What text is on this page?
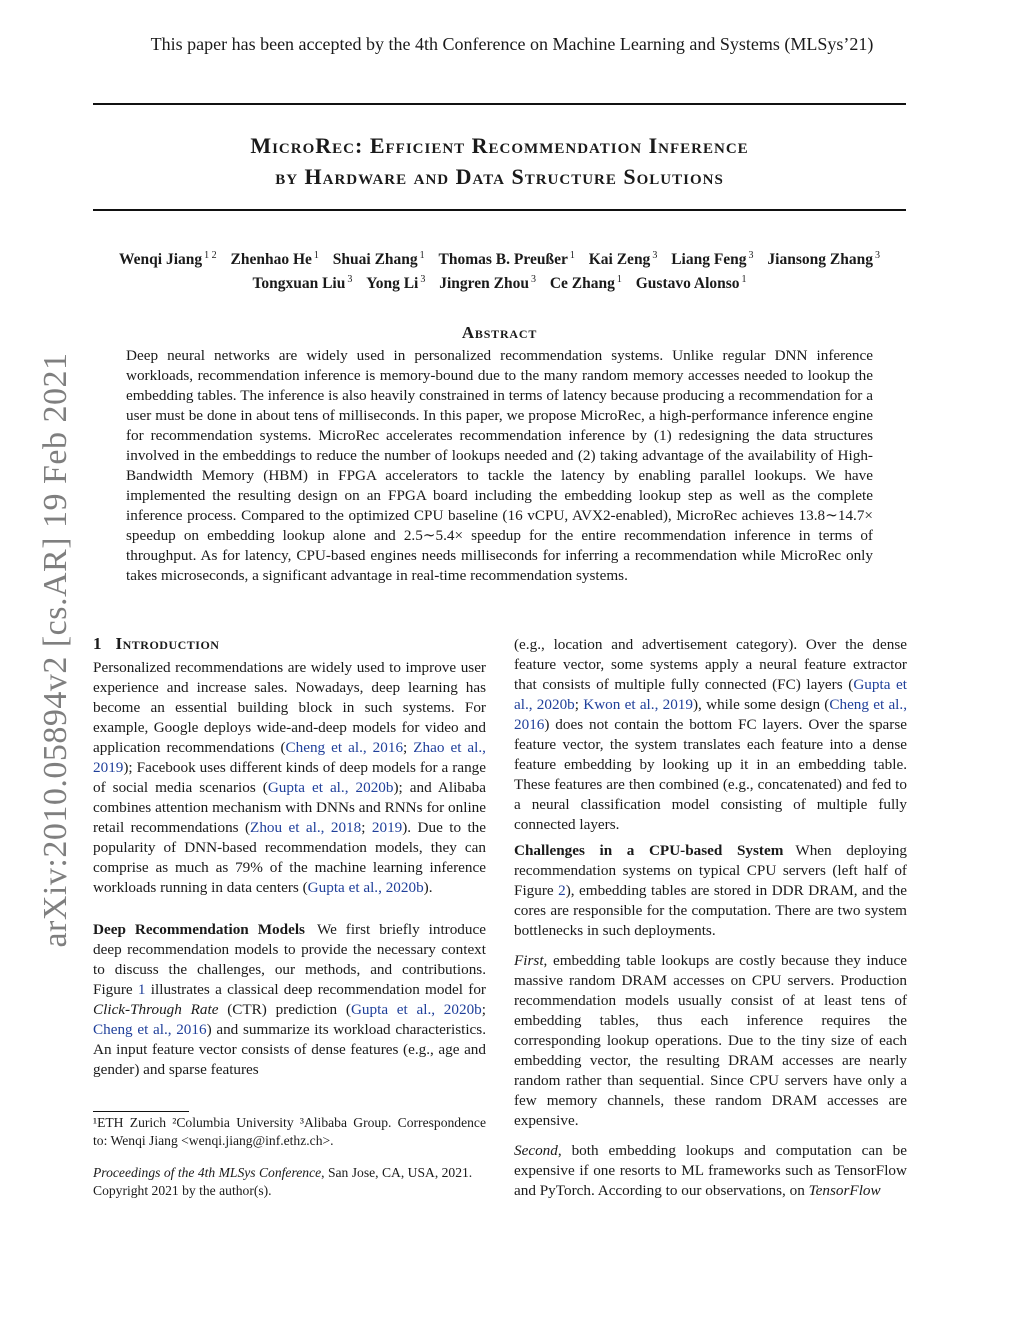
This paper has been accepted by the 4th Conference on Machine Learning and Systems (MLSys’21)
MicroRec: Efficient Recommendation Inference
by Hardware and Data Structure Solutions
Wenqi Jiang $^{1 2}$ Zhenhao He $^1$ Shuai Zhang $^1$ Thomas B. Preußer $^1$ Kai Zeng $^3$ Liang Feng $^3$ Jiansong Zhang $^3$
Tongxuan Liu $^3$ Yong Li $^3$ Jingren Zhou $^3$ Ce Zhang $^1$ Gustavo Alonso $^1$
Abstract
Deep neural networks are widely used in personalized recommendation systems. Unlike regular DNN inference workloads, recommendation inference is memory-bound due to the many random memory accesses needed to lookup the embedding tables. The inference is also heavily constrained in terms of latency because producing a recommendation for a user must be done in about tens of milliseconds. In this paper, we propose MicroRec, a high-performance inference engine for recommendation systems. MicroRec accelerates recommendation inference by (1) redesigning the data structures involved in the embeddings to reduce the number of lookups needed and (2) taking advantage of the availability of High-Bandwidth Memory (HBM) in FPGA accelerators to tackle the latency by enabling parallel lookups. We have implemented the resulting design on an FPGA board including the embedding lookup step as well as the complete inference process. Compared to the optimized CPU baseline (16 vCPU, AVX2-enabled), MicroRec achieves 13.8∼14.7× speedup on embedding lookup alone and 2.5∼5.4× speedup for the entire recommendation inference in terms of throughput. As for latency, CPU-based engines needs milliseconds for inferring a recommendation while MicroRec only takes microseconds, a significant advantage in real-time recommendation systems.
1 Introduction

Personalized recommendations are widely used to improve user experience and increase sales. Nowadays, deep learning has become an essential building block in such systems. For example, Google deploys wide-and-deep models for video and application recommendations (Cheng et al., 2016; Zhao et al., 2019); Facebook uses different kinds of deep models for a range of social media scenarios (Gupta et al., 2020b); and Alibaba combines attention mechanism with DNNs and RNNs for online retail recommendations (Zhou et al., 2018; 2019). Due to the popularity of DNN-based recommendation models, they can comprise as much as 79% of the machine learning inference workloads running in data centers (Gupta et al., 2020b).

Deep Recommendation Models We first briefly introduce deep recommendation models to provide the necessary context to discuss the challenges, our methods, and contributions. Figure 1 illustrates a classical deep recommendation model for Click-Through Rate (CTR) prediction (Gupta et al., 2020b; Cheng et al., 2016) and summarize its workload characteristics. An input feature vector consists of dense features (e.g., age and gender) and sparse features

¹ETH Zurich ²Columbia University ³Alibaba Group. Correspondence to: Wenqi Jiang <wenqi.jiang@inf.ethz.ch>.
Proceedings of the 4th MLSys Conference, San Jose, CA, USA, 2021. Copyright 2021 by the author(s).

(e.g., location and advertisement category). Over the dense feature vector, some systems apply a neural feature extractor that consists of multiple fully connected (FC) layers (Gupta et al., 2020b; Kwon et al., 2019), while some design (Cheng et al., 2016) does not contain the bottom FC layers. Over the sparse feature vector, the system translates each feature into a dense feature embedding by looking up it in an embedding table. These features are then combined (e.g., concatenated) and fed to a neural classification model consisting of multiple fully connected layers.

Challenges in a CPU-based System When deploying recommendation systems on typical CPU servers (left half of Figure 2), embedding tables are stored in DDR DRAM, and the cores are responsible for the computation. There are two system bottlenecks in such deployments.

First, embedding table lookups are costly because they induce massive random DRAM accesses on CPU servers. Production recommendation models usually consist of at least tens of embedding tables, thus each inference requires the corresponding lookup operations. Due to the tiny size of each embedding vector, the resulting DRAM accesses are nearly random rather than sequential. Since CPU servers have only a few memory channels, these random DRAM accesses are expensive.

Second, both embedding lookups and computation can be expensive if one resorts to ML frameworks such as TensorFlow and PyTorch. According to our observations, on TensorFlow

arXiv:2010.05894v2 [cs.AR] 19 Feb 2021
